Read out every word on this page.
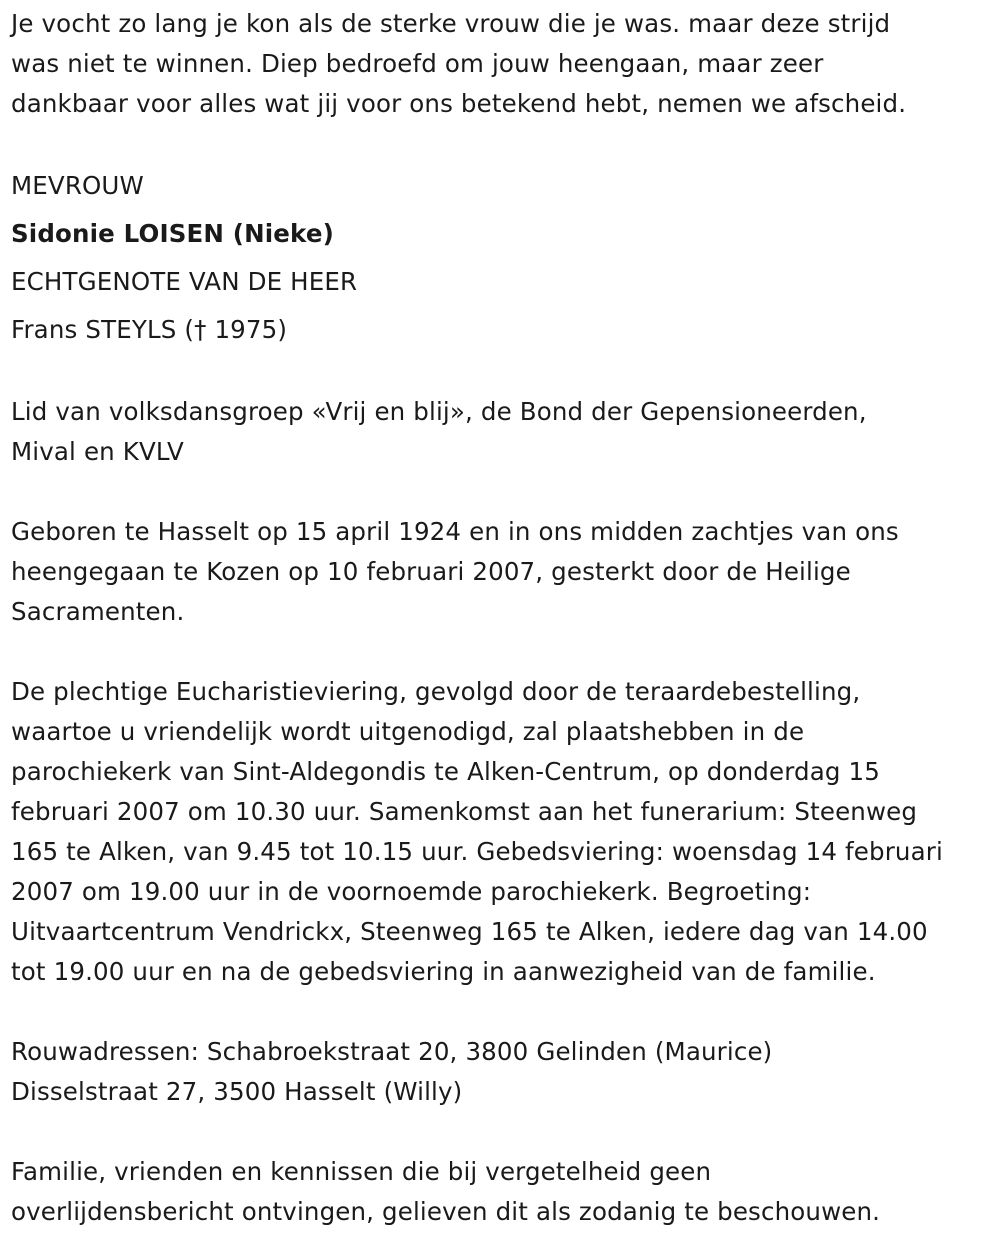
Je vocht zo lang je kon als de sterke vrouw die je was. maar deze strijd
was niet te winnen. Diep bedroefd om jouw heengaan, maar zeer
dankbaar voor alles wat jij voor ons betekend hebt, nemen we afscheid.

MEVROUW
Sidonie LOISEN (Nieke)
ECHTGENOTE VAN DE HEER
Frans STEYLS († 1975)

Lid van volksdansgroep «Vrij en blij», de Bond der Gepensioneerden,
Mival en KVLV

Geboren te Hasselt op 15 april 1924 en in ons midden zachtjes van ons
heengegaan te Kozen op 10 februari 2007, gesterkt door de Heilige
Sacramenten.

De plechtige Eucharistieviering, gevolgd door de teraardebestelling,
waartoe u vriendelijk wordt uitgenodigd, zal plaatshebben in de
parochiekerk van Sint-Aldegondis te Alken-Centrum, op donderdag 15
februari 2007 om 10.30 uur. Samenkomst aan het funerarium: Steenweg
165 te Alken, van 9.45 tot 10.15 uur. Gebedsviering: woensdag 14 februari
2007 om 19.00 uur in de voornoemde parochiekerk. Begroeting:
Uitvaartcentrum Vendrickx, Steenweg 165 te Alken, iedere dag van 14.00
tot 19.00 uur en na de gebedsviering in aanwezigheid van de familie.

Rouwadressen: Schabroekstraat 20, 3800 Gelinden (Maurice)
Disselstraat 27, 3500 Hasselt (Willy)

Familie, vrienden en kennissen die bij vergetelheid geen
overlijdensbericht ontvingen, gelieven dit als zodanig te beschouwen.
